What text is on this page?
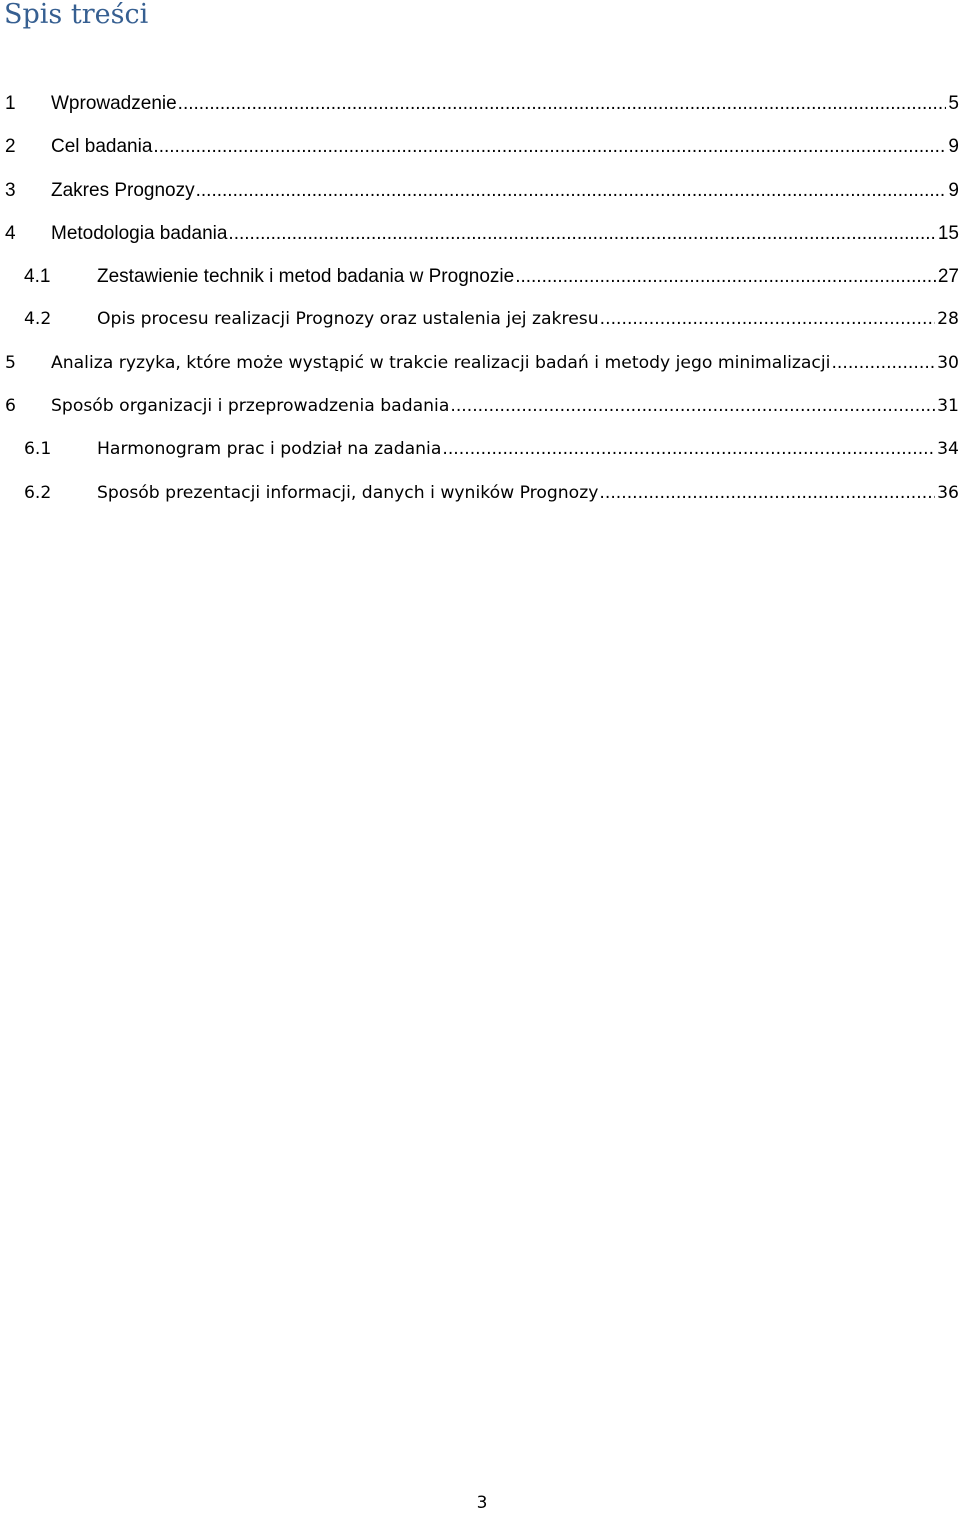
Spis treści
1	Wprowadzenie .....	5
2	Cel badania .....	9
3	Zakres Prognozy .....	9
4	Metodologia badania .....	15
4.1	Zestawienie technik i metod badania w Prognozie .....	27
4.2	Opis procesu realizacji Prognozy oraz ustalenia jej zakresu .....	28
5	Analiza ryzyka, które może wystąpić w trakcie realizacji badań i metody jego minimalizacji .....	30
6	Sposób organizacji i przeprowadzenia badania .....	31
6.1	Harmonogram prac i podział na zadania .....	34
6.2	Sposób prezentacji informacji, danych i wyników Prognozy .....	36
3
